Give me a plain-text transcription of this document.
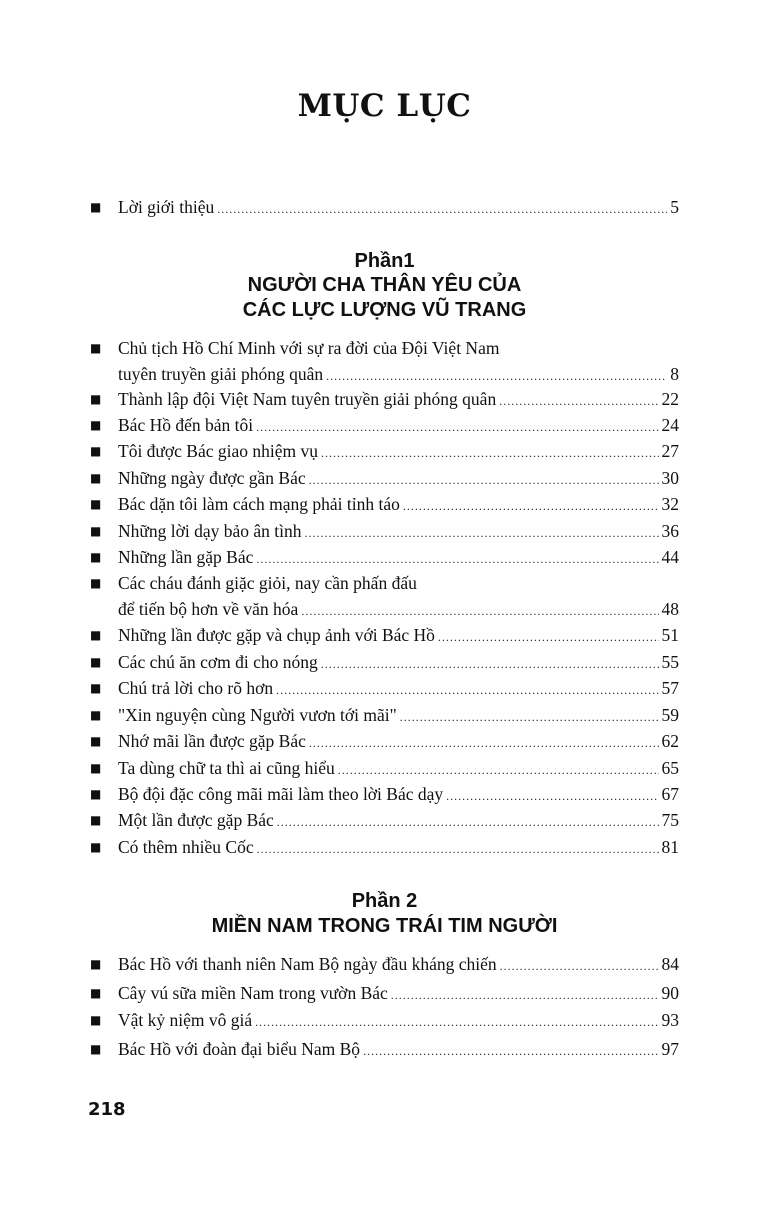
MỤC LỤC
■ Lời giới thiệu .....	5
Phần1
NGƯỜI CHA THÂN YÊU CỦA
CÁC LỰC LƯỢNG VŨ TRANG
■ Chủ tịch Hồ Chí Minh với sự ra đời của Đội Việt Nam
tuyên truyền giải phóng quân .....	8
■ Thành lập đội Việt Nam tuyên truyền giải phóng quân .....	22
■ Bác Hồ đến bản tôi .....	24
■ Tôi được Bác giao nhiệm vụ .....	27
■ Những ngày được gần Bác .....	30
■ Bác dặn tôi làm cách mạng phải tỉnh táo .....	32
■ Những lời dạy bảo ân tình .....	36
■ Những lần gặp Bác .....	44
■ Các cháu đánh giặc giỏi, nay cần phấn đấu
để tiến bộ hơn về văn hóa .....	48
■ Những lần được gặp và chụp ảnh với Bác Hồ .....	51
■ Các chú ăn cơm đi cho nóng .....	55
■ Chú trả lời cho rõ hơn .....	57
■ "Xin nguyện cùng Người vươn tới mãi" .....	59
■ Nhớ mãi lần được gặp Bác .....	62
■ Ta dùng chữ ta thì ai cũng hiểu .....	65
■ Bộ đội đặc công mãi mãi làm theo lời Bác dạy .....	67
■ Một lần được gặp Bác .....	75
■ Có thêm nhiều Cốc .....	81
Phần 2
MIỀN NAM TRONG TRÁI TIM NGƯỜI
■ Bác Hồ với thanh niên Nam Bộ ngày đầu kháng chiến .....	84
■ Cây vú sữa miền Nam trong vườn Bác .....	90
■ Vật kỷ niệm vô giá .....	93
■ Bác Hồ với đoàn đại biểu Nam Bộ .....	97
218
